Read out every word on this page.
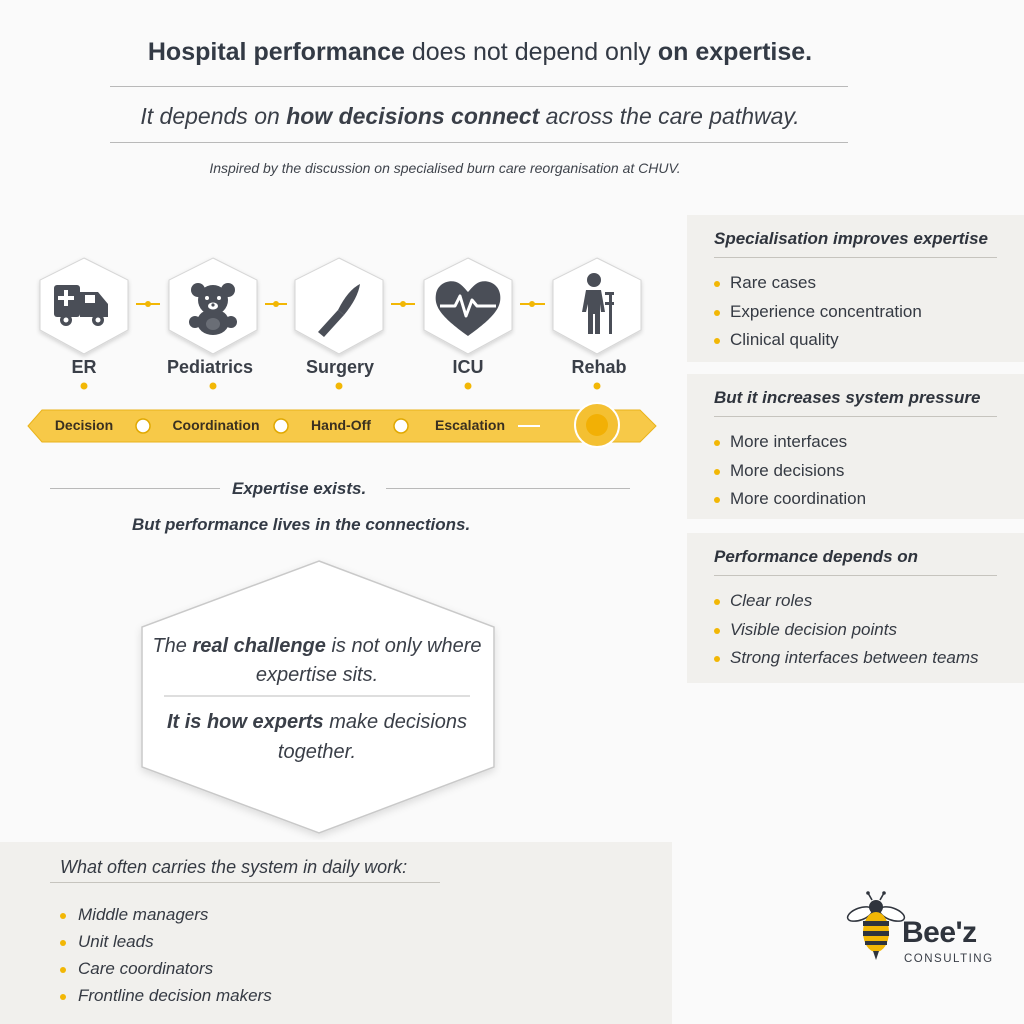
Hospital performance does not depend only on expertise.
It depends on how decisions connect across the care pathway.
Inspired by the discussion on specialised burn care reorganisation at CHUV.
ER	Pediatrics	Surgery	ICU	Rehab
Decision	Coordination	Hand-Off	Escalation
Expertise exists.
But performance lives in the connections.
The real challenge is not only where expertise sits.
It is how experts make decisions together.
Specialisation improves expertise
Rare cases
Experience concentration
Clinical quality
But it increases system pressure
More interfaces
More decisions
More coordination
Performance depends on
Clear roles
Visible decision points
Strong interfaces between teams
What often carries the system in daily work:
Middle managers
Unit leads
Care coordinators
Frontline decision makers
Bee'z
CONSULTING
